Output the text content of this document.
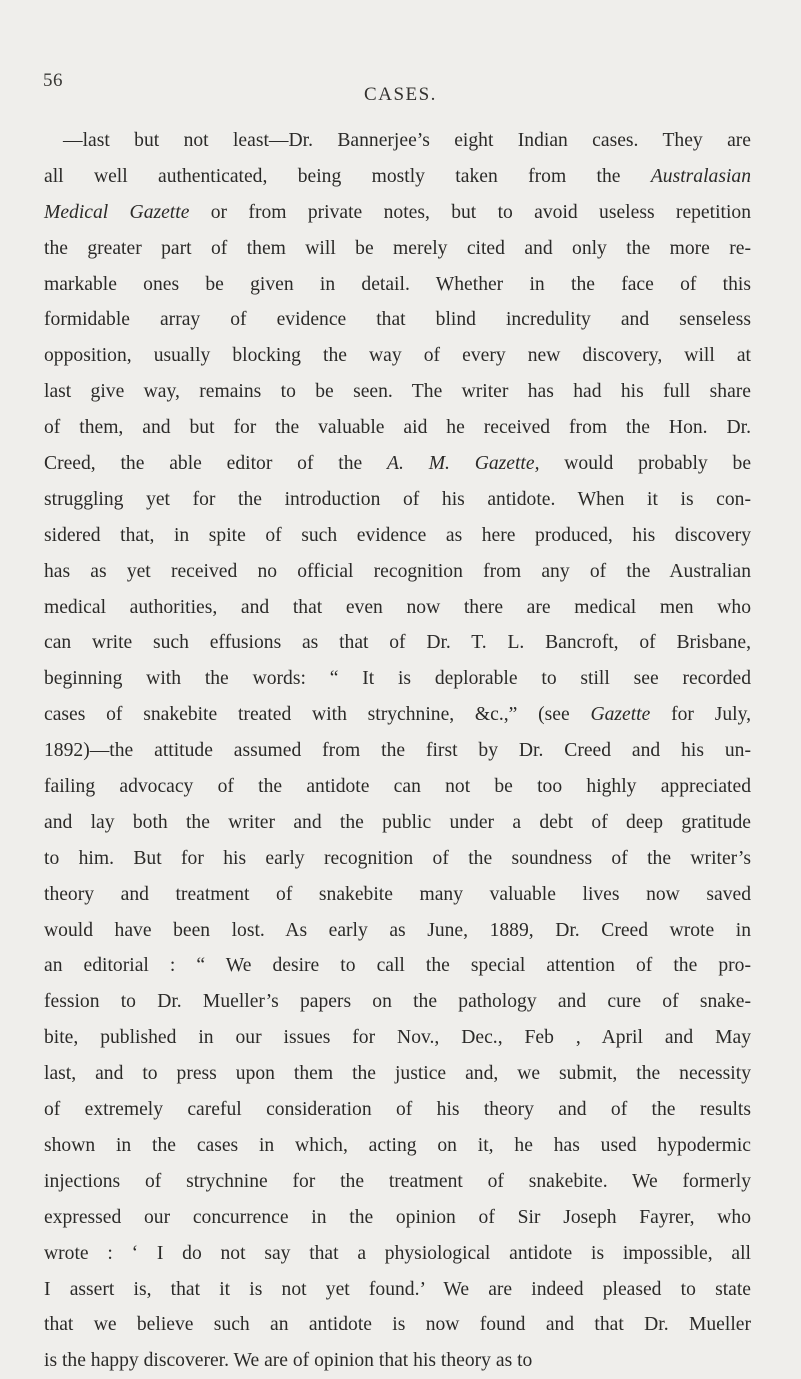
56
CASES.
—last but not least—Dr. Bannerjee’s eight Indian cases. They are
all well authenticated, being mostly taken from the Australasian
Medical Gazette or from private notes, but to avoid useless repetition
the greater part of them will be merely cited and only the more re-
markable ones be given in detail. Whether in the face of this
formidable array of evidence that blind incredulity and senseless
opposition, usually blocking the way of every new discovery, will at
last give way, remains to be seen. The writer has had his full share
of them, and but for the valuable aid he received from the Hon. Dr.
Creed, the able editor of the A. M. Gazette, would probably be
struggling yet for the introduction of his antidote. When it is con-
sidered that, in spite of such evidence as here produced, his discovery
has as yet received no official recognition from any of the Australian
medical authorities, and that even now there are medical men who
can write such effusions as that of Dr. T. L. Bancroft, of Brisbane,
beginning with the words: “ It is deplorable to still see recorded
cases of snakebite treated with strychnine, &c.,” (see Gazette for July,
1892)—the attitude assumed from the first by Dr. Creed and his un-
failing advocacy of the antidote can not be too highly appreciated
and lay both the writer and the public under a debt of deep gratitude
to him. But for his early recognition of the soundness of the writer’s
theory and treatment of snakebite many valuable lives now saved
would have been lost. As early as June, 1889, Dr. Creed wrote in
an editorial : “ We desire to call the special attention of the pro-
fession to Dr. Mueller’s papers on the pathology and cure of snake-
bite, published in our issues for Nov., Dec., Feb , April and May
last, and to press upon them the justice and, we submit, the necessity
of extremely careful consideration of his theory and of the results
shown in the cases in which, acting on it, he has used hypodermic
injections of strychnine for the treatment of snakebite. We formerly
expressed our concurrence in the opinion of Sir Joseph Fayrer, who
wrote : ‘ I do not say that a physiological antidote is impossible, all
I assert is, that it is not yet found.’ We are indeed pleased to state
that we believe such an antidote is now found and that Dr. Mueller
is the happy discoverer. We are of opinion that his theory as to
